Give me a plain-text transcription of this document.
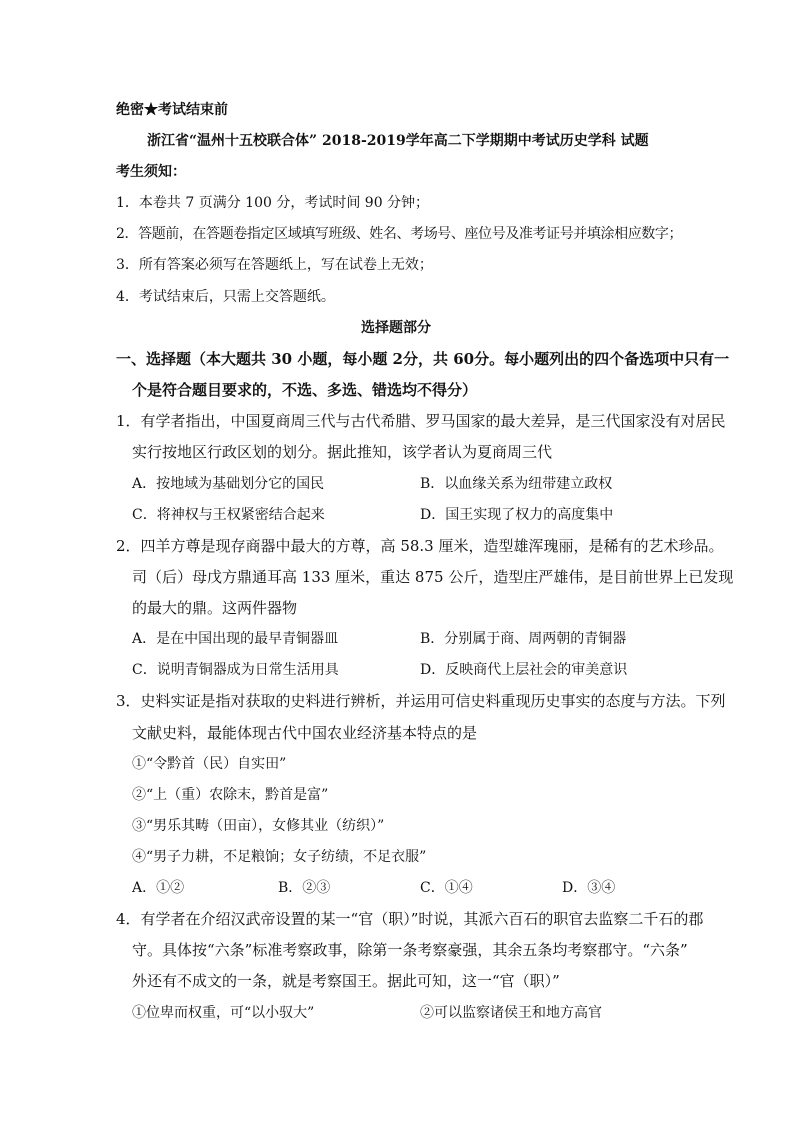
绝密★考试结束前
浙江省“温州十五校联合体” 2018-2019学年高二下学期期中考试历史学科 试题
考生须知：
1．本卷共 7 页满分 100 分，考试时间 90 分钟；
2．答题前，在答题卷指定区域填写班级、姓名、考场号、座位号及准考证号并填涂相应数字；
3．所有答案必须写在答题纸上，写在试卷上无效；
4．考试结束后，只需上交答题纸。
选择题部分
一、选择题（本大题共 30 小题，每小题 2分，共 60分。每小题列出的四个备选项中只有一
个是符合题目要求的，不选、多选、错选均不得分）
1．有学者指出，中国夏商周三代与古代希腊、罗马国家的最大差异，是三代国家没有对居民
实行按地区行政区划的划分。据此推知，该学者认为夏商周三代
A．按地域为基础划分它的国民	B．以血缘关系为纽带建立政权
C．将神权与王权紧密结合起来	D．国王实现了权力的高度集中
2．四羊方尊是现存商器中最大的方尊，高 58.3 厘米，造型雄浑瑰丽，是稀有的艺术珍品。
司（后）母戊方鼎通耳高 133 厘米，重达 875 公斤，造型庄严雄伟，是目前世界上已发现
的最大的鼎。这两件器物
A．是在中国出现的最早青铜器皿	B．分别属于商、周两朝的青铜器
C．说明青铜器成为日常生活用具	D．反映商代上层社会的审美意识
3．史料实证是指对获取的史料进行辨析，并运用可信史料重现历史事实的态度与方法。下列
文献史料，最能体现古代中国农业经济基本特点的是
①“令黔首（民）自实田”
②“上（重）农除末，黔首是富”
③“男乐其畴（田亩），女修其业（纺织）”
④“男子力耕，不足粮饷；女子纺绩，不足衣服”
A．①②	B．②③	C．①④	D．③④
4．有学者在介绍汉武帝设置的某一“官（职）”时说，其派六百石的职官去监察二千石的郡
守。具体按“六条”标准考察政事，除第一条考察豪强，其余五条均考察郡守。“六条”
外还有不成文的一条，就是考察国王。据此可知，这一“官（职）”
①位卑而权重，可“以小驭大”	②可以监察诸侯王和地方高官
